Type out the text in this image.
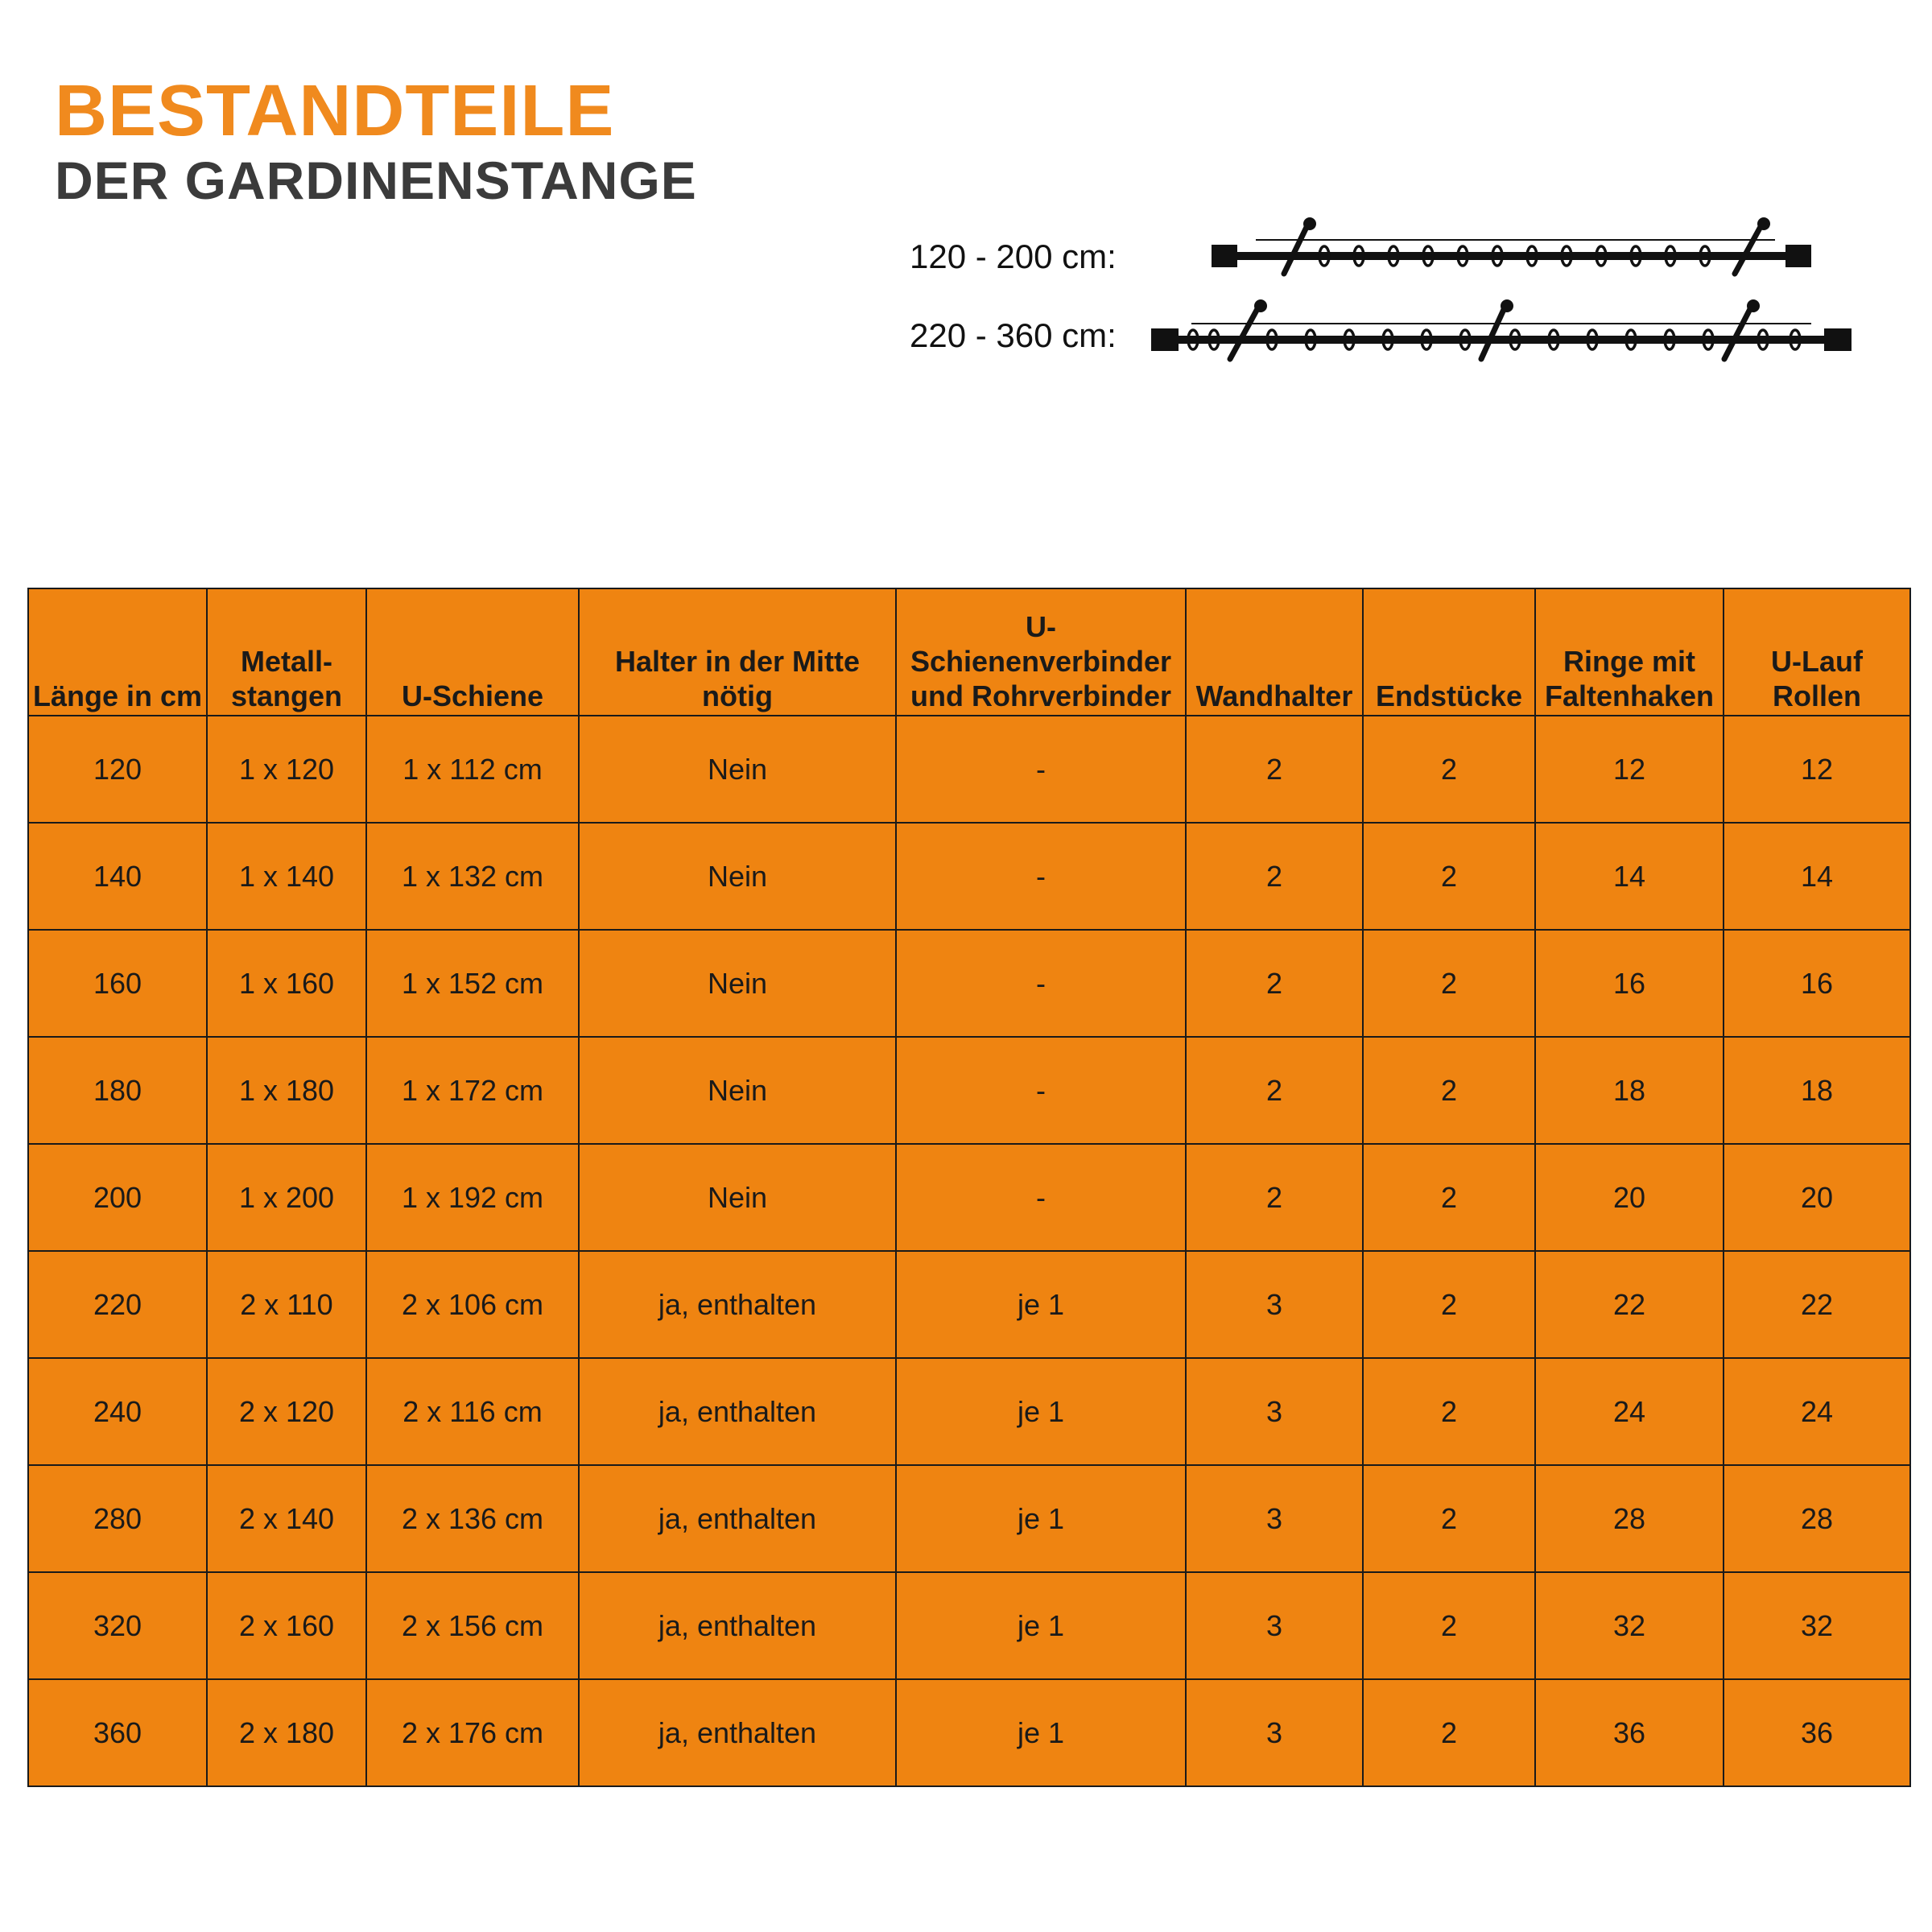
BESTANDTEILE
DER GARDINENSTANGE
120 - 200 cm:
220 - 360 cm:
Länge in cm	Metall-stangen	U-Schiene	Halter in der Mitte nötig	U-Schienenverbinder und Rohrverbinder	Wandhalter	Endstücke	Ringe mit Faltenhaken	U-Lauf Rollen
120	1 x 120	1 x 112 cm	Nein	-	2	2	12	12
140	1 x 140	1 x 132 cm	Nein	-	2	2	14	14
160	1 x 160	1 x 152 cm	Nein	-	2	2	16	16
180	1 x 180	1 x 172 cm	Nein	-	2	2	18	18
200	1 x 200	1 x 192 cm	Nein	-	2	2	20	20
220	2 x 110	2 x 106 cm	ja, enthalten	je 1	3	2	22	22
240	2 x 120	2 x 116 cm	ja, enthalten	je 1	3	2	24	24
280	2 x 140	2 x 136 cm	ja, enthalten	je 1	3	2	28	28
320	2 x 160	2 x 156 cm	ja, enthalten	je 1	3	2	32	32
360	2 x 180	2 x 176 cm	ja, enthalten	je 1	3	2	36	36
